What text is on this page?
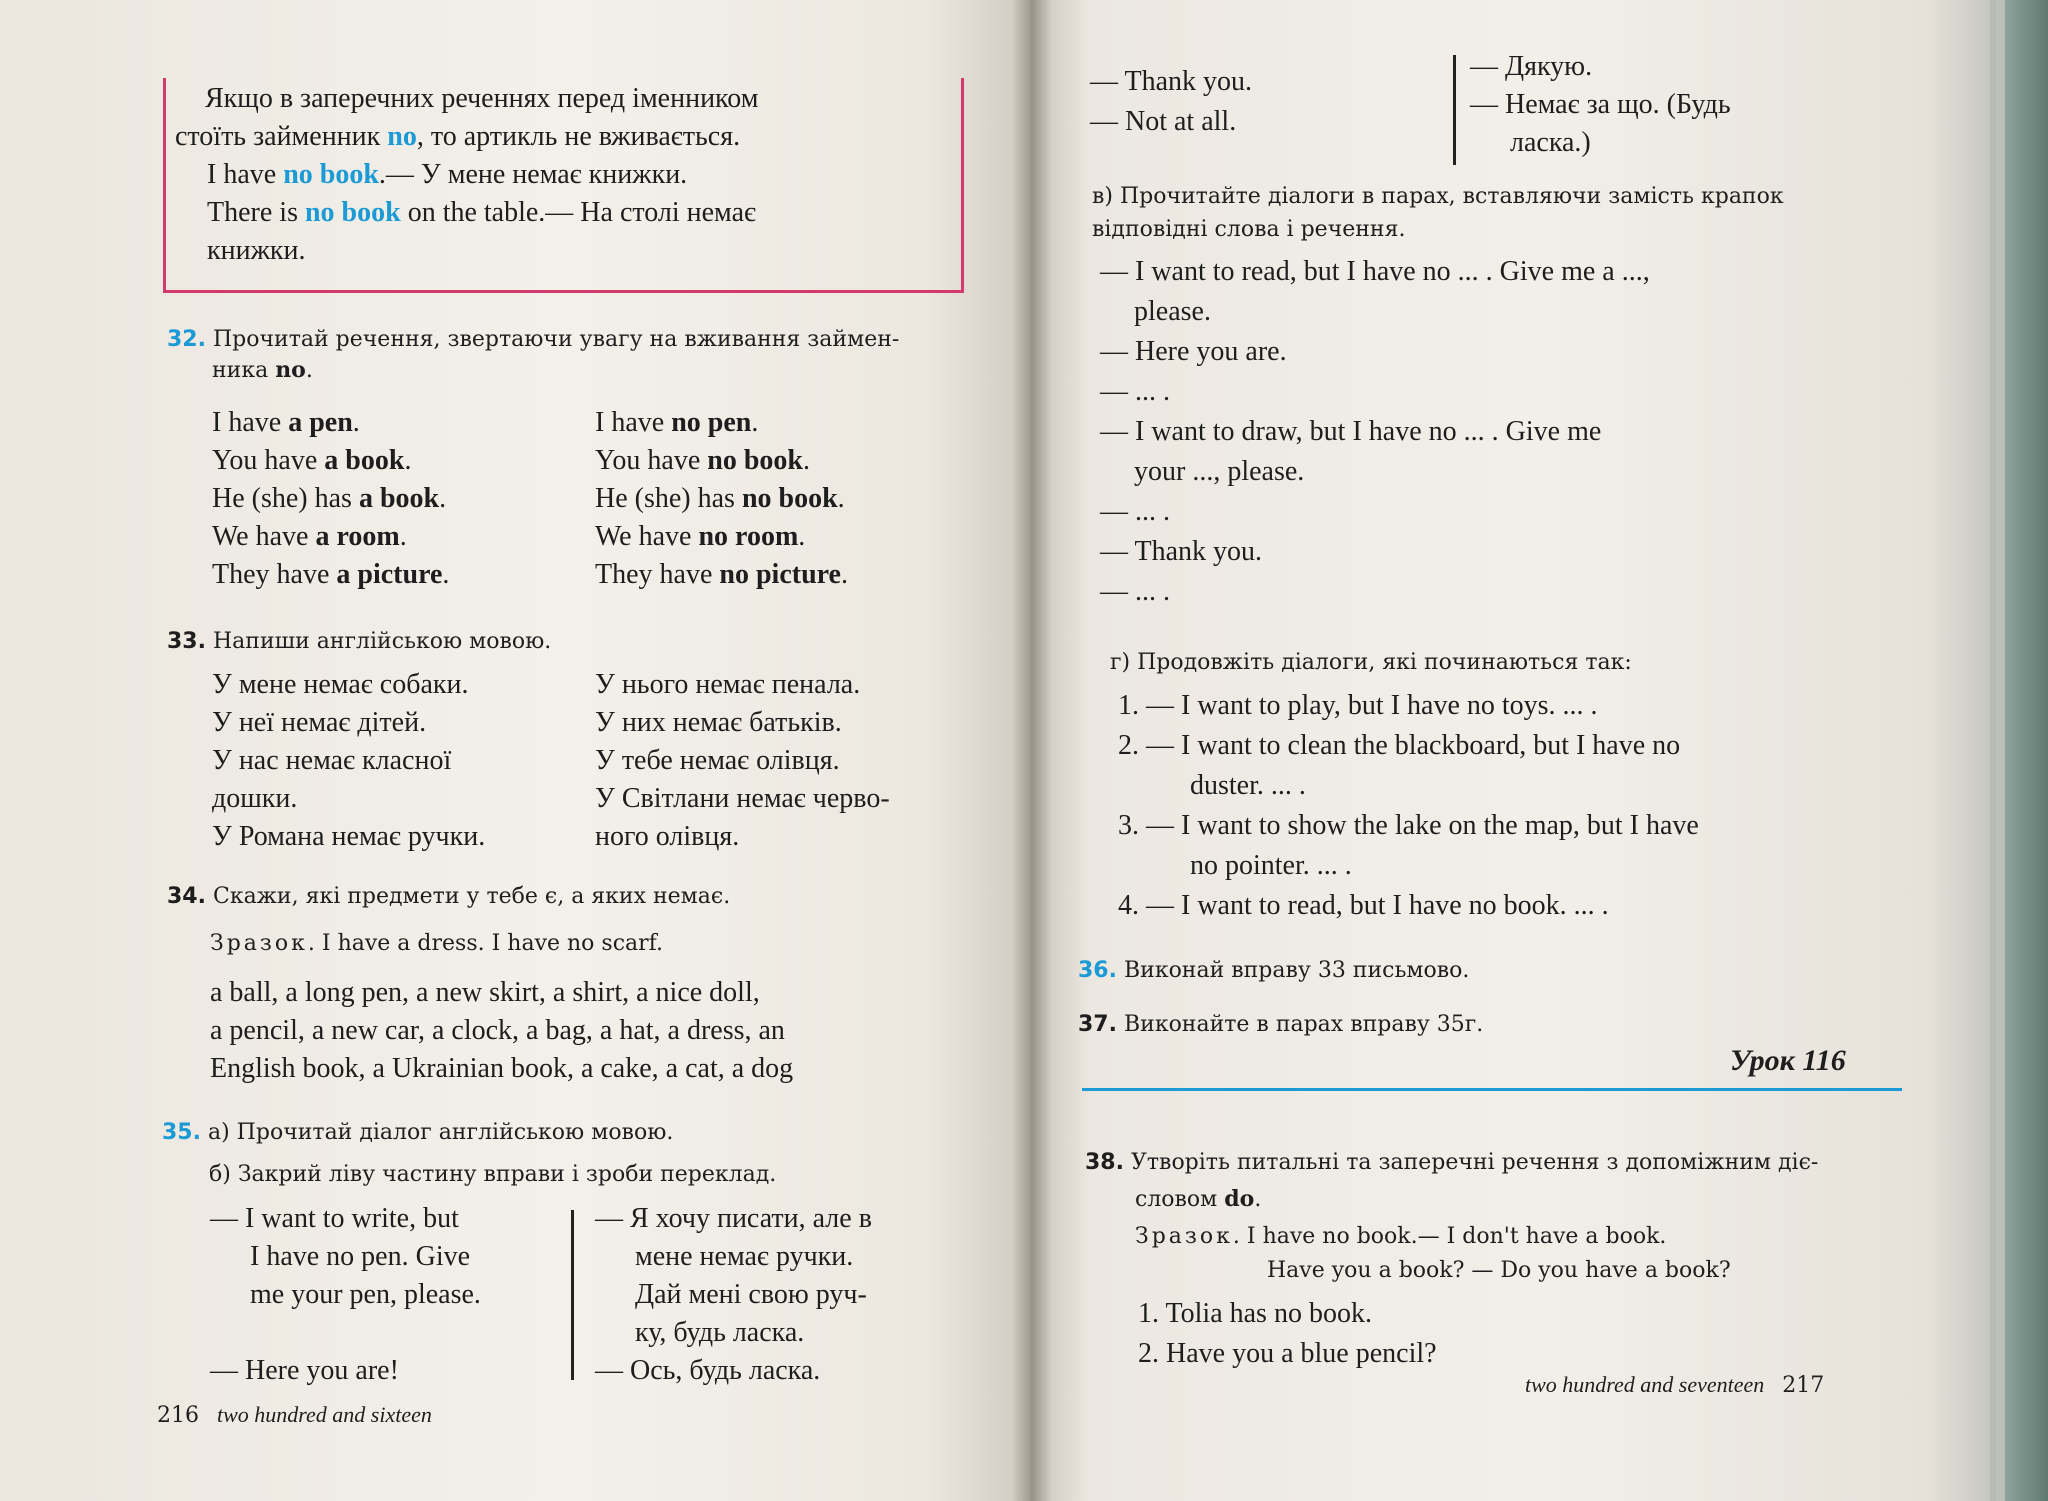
Якщо в заперечних реченнях перед іменником
стоїть займенник no, то артикль не вживається.
I have no book.— У мене немає книжки.
There is no book on the table.— На столі немає
книжки.
32. Прочитай речення, звертаючи увагу на вживання займен-
ника no.
I have a pen.
You have a book.
He (she) has a book.
We have a room.
They have a picture.
I have no pen.
You have no book.
He (she) has no book.
We have no room.
They have no picture.
33. Напиши англійською мовою.
У мене немає собаки.
У неї немає дітей.
У нас немає класної
дошки.
У Романа немає ручки.
У нього немає пенала.
У них немає батьків.
У тебе немає олівця.
У Світлани немає черво-
ного олівця.
34. Скажи, які предмети у тебе є, а яких немає.
Зразок. I have a dress. I have no scarf.
a ball, a long pen, a new skirt, a shirt, a nice doll,
a pencil, a new car, a clock, a bag, a hat, a dress, an
English book, a Ukrainian book, a cake, a cat, a dog
35. а) Прочитай діалог англійською мовою.
б) Закрий ліву частину вправи і зроби переклад.
— I want to write, but
I have no pen. Give
me your pen, please.
— Here you are!
— Я хочу писати, але в
мене немає ручки.
Дай мені свою руч-
ку, будь ласка.
— Ось, будь ласка.
216 two hundred and sixteen
— Thank you.
— Not at all.
— Дякую.
— Немає за що. (Будь
ласка.)
в) Прочитайте діалоги в парах, вставляючи замість крапок
відповідні слова і речення.
— I want to read, but I have no ... . Give me a ...,
please.
— Here you are.
— ... .
— I want to draw, but I have no ... . Give me
your ..., please.
— ... .
— Thank you.
— ... .
г) Продовжіть діалоги, які починаються так:
1. — I want to play, but I have no toys. ... .
2. — I want to clean the blackboard, but I have no
duster. ... .
3. — I want to show the lake on the map, but I have
no pointer. ... .
4. — I want to read, but I have no book. ... .
36. Виконай вправу 33 письмово.
37. Виконайте в парах вправу 35г.
Урок 116
38. Утворіть питальні та заперечні речення з допоміжним діє-
словом do.
Зразок. I have no book.— I don't have a book.
Have you a book? — Do you have a book?
1. Tolia has no book.
2. Have you a blue pencil?
two hundred and seventeen 217
